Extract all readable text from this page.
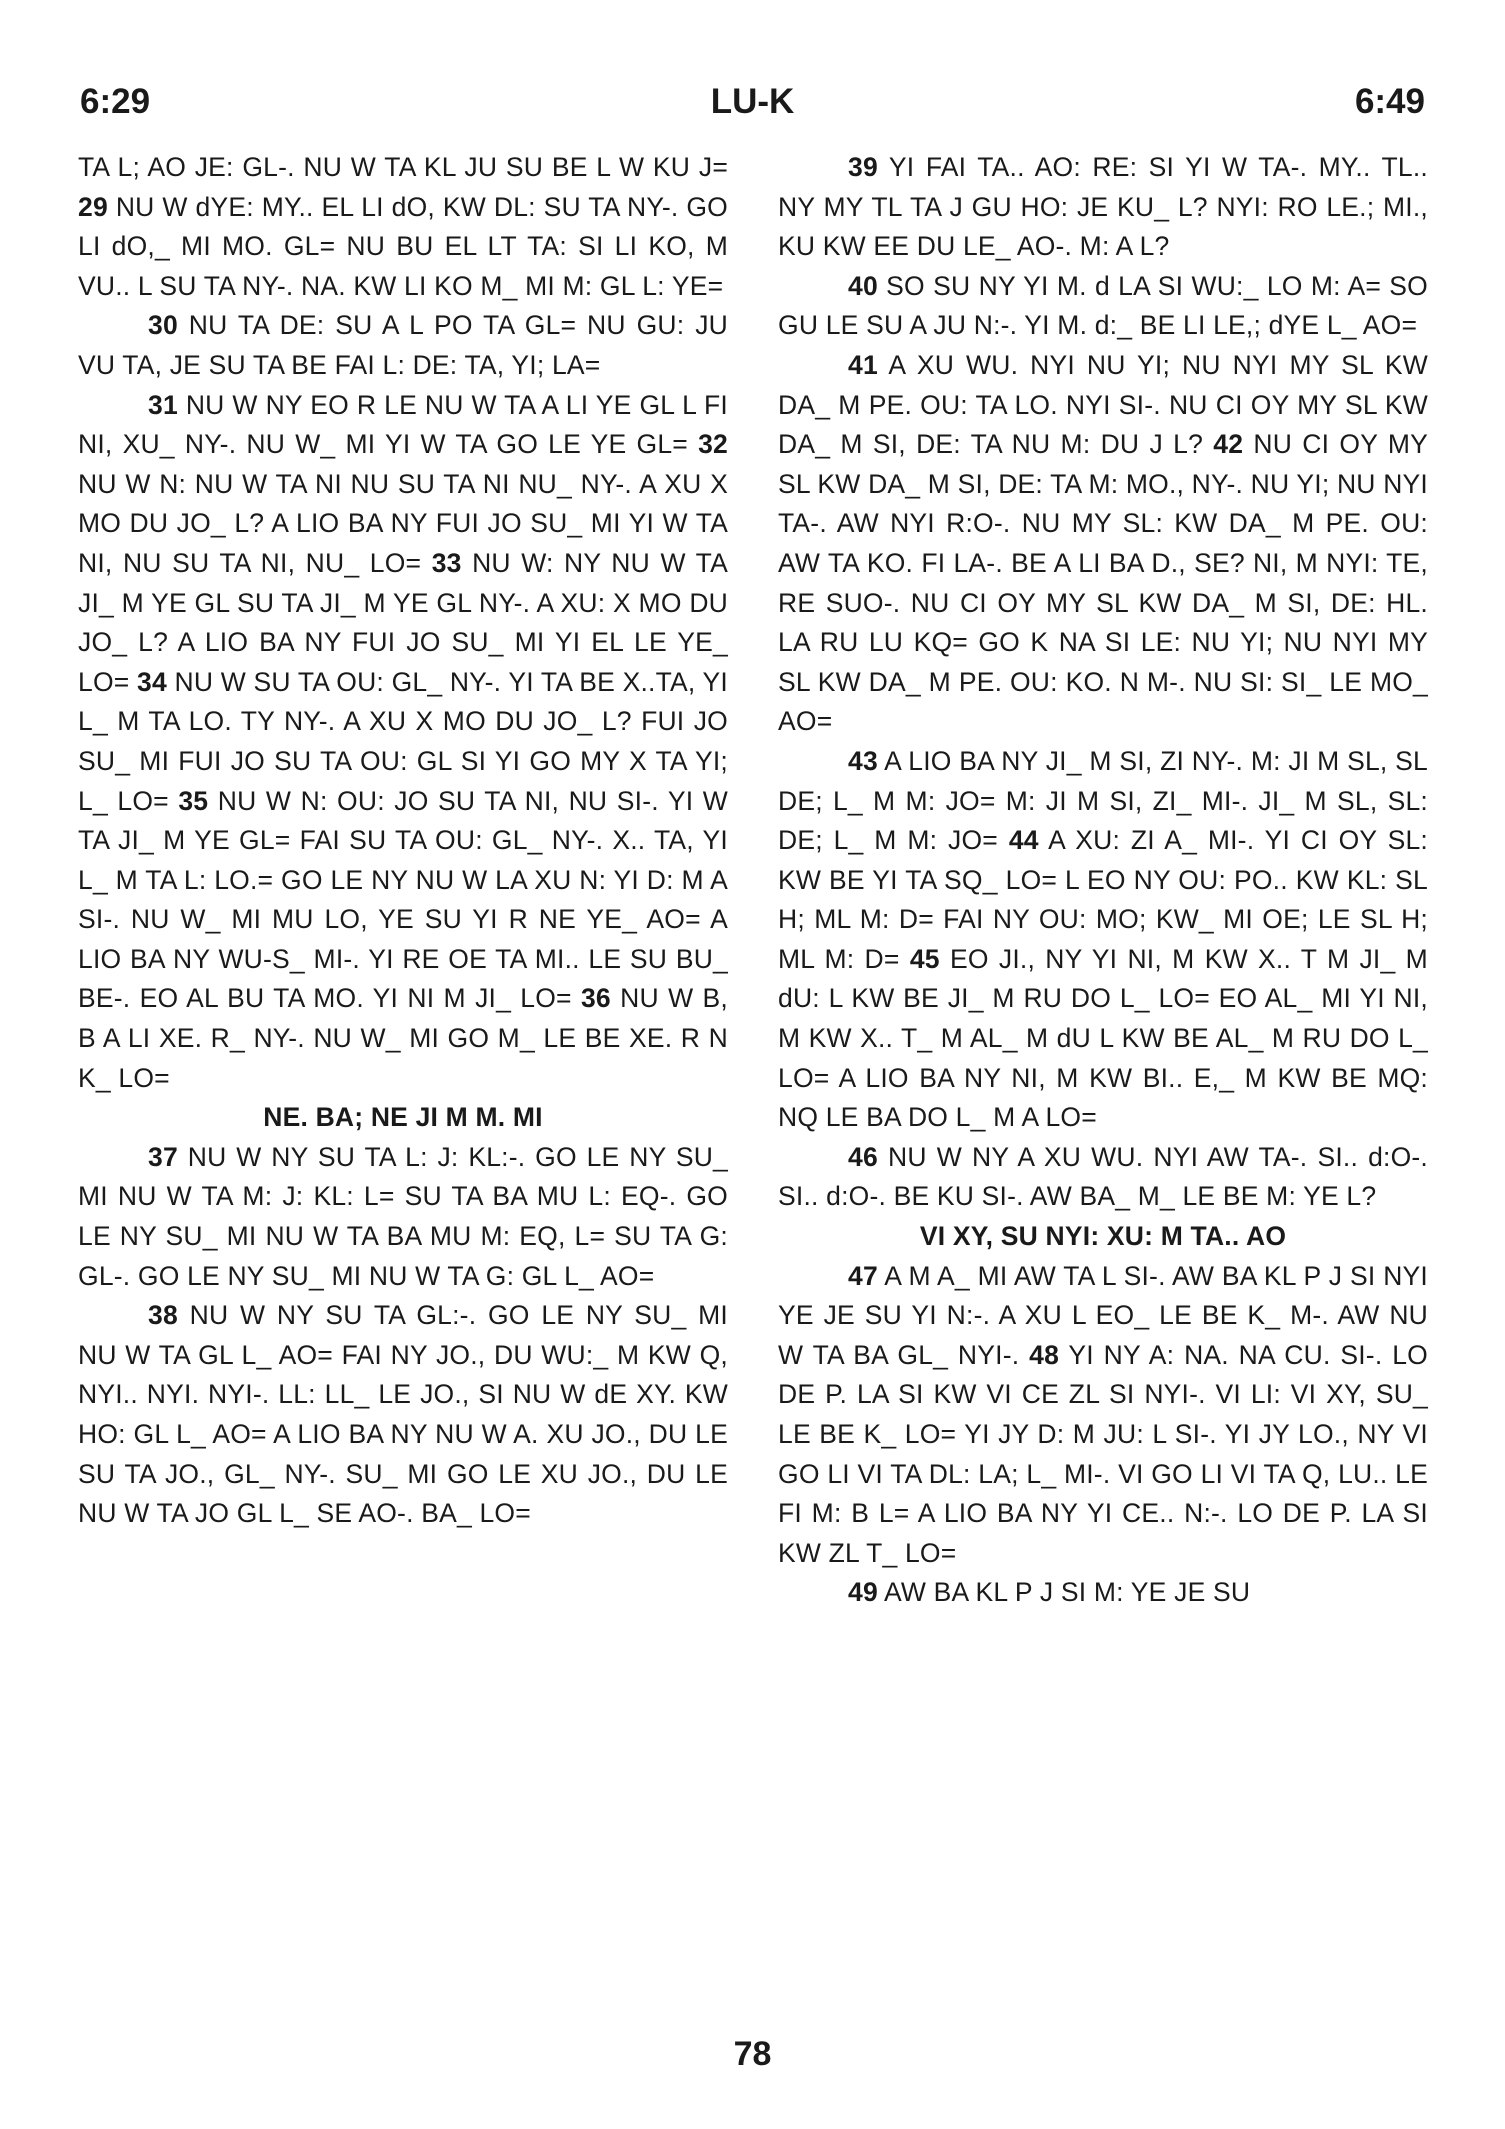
6:29	LU-K	6:49

TA L; AO JE: GL-. NU W TA KL JU SU BE L W KU J= 29 NU W dYE: MY.. EL LI dO, KW DL: SU TA NY-. GO LI dO,_ MI MO. GL= NU BU EL LT TA: SI LI KO, M VU.. L SU TA NY-. NA. KW LI KO M_ MI M: GL L: YE=

30 NU TA DE: SU A L PO TA GL= NU GU: JU VU TA, JE SU TA BE FAI L: DE: TA, YI; LA=

31 NU W NY EO R LE NU W TA A LI YE GL L FI NI, XU_ NY-. NU W_ MI YI W TA GO LE YE GL= 32 NU W N: NU W TA NI NU SU TA NI NU_ NY-. A XU X MO DU JO_ L? A LIO BA NY FUI JO SU_ MI YI W TA NI, NU SU TA NI, NU_ LO= 33 NU W: NY NU W TA JI_ M YE GL SU TA JI_ M YE GL NY-. A XU: X MO DU JO_ L? A LIO BA NY FUI JO SU_ MI YI EL LE YE_ LO= 34 NU W SU TA OU: GL_ NY-. YI TA BE X..TA, YI L_ M TA LO. TY NY-. A XU X MO DU JO_ L? FUI JO SU_ MI FUI JO SU TA OU: GL SI YI GO MY X TA YI; L_ LO= 35 NU W N: OU: JO SU TA NI, NU SI-. YI W TA JI_ M YE GL= FAI SU TA OU: GL_ NY-. X.. TA, YI L_ M TA L: LO.= GO LE NY NU W LA XU N: YI D: M A SI-. NU W_ MI MU LO, YE SU YI R NE YE_ AO= A LIO BA NY WU-S_ MI-. YI RE OE TA MI.. LE SU BU_ BE-. EO AL BU TA MO. YI NI M JI_ LO= 36 NU W B, B A LI XE. R_ NY-. NU W_ MI GO M_ LE BE XE. R N K_ LO=

NE. BA; NE JI M M. MI

37 NU W NY SU TA L: J: KL:-. GO LE NY SU_ MI NU W TA M: J: KL: L= SU TA BA MU L: EQ-. GO LE NY SU_ MI NU W TA BA MU M: EQ, L= SU TA G: GL-. GO LE NY SU_ MI NU W TA G: GL L_ AO=

38 NU W NY SU TA GL:-. GO LE NY SU_ MI NU W TA GL L_ AO= FAI NY JO., DU WU:_ M KW Q, NYI.. NYI. NYI-. LL: LL_ LE JO., SI NU W dE XY. KW HO: GL L_ AO= A LIO BA NY NU W A. XU JO., DU LE SU TA JO., GL_ NY-. SU_ MI GO LE XU JO., DU LE NU W TA JO GL L_ SE AO-. BA_ LO=

39 YI FAI TA.. AO: RE: SI YI W TA-. MY.. TL.. NY MY TL TA J GU HO: JE KU_ L? NYI: RO LE.; MI., KU KW EE DU LE_ AO-. M: A L?

40 SO SU NY YI M. d LA SI WU:_ LO M: A= SO GU LE SU A JU N:-. YI M. d:_ BE LI LE,; dYE L_ AO=

41 A XU WU. NYI NU YI; NU NYI MY SL KW DA_ M PE. OU: TA LO. NYI SI-. NU CI OY MY SL KW DA_ M SI, DE: TA NU M: DU J L? 42 NU CI OY MY SL KW DA_ M SI, DE: TA M: MO., NY-. NU YI; NU NYI TA-. AW NYI R:O-. NU MY SL: KW DA_ M PE. OU: AW TA KO. FI LA-. BE A LI BA D., SE? NI, M NYI: TE, RE SUO-. NU CI OY MY SL KW DA_ M SI, DE: HL. LA RU LU KQ= GO K NA SI LE: NU YI; NU NYI MY SL KW DA_ M PE. OU: KO. N M-. NU SI: SI_ LE MO_ AO=

43 A LIO BA NY JI_ M SI, ZI NY-. M: JI M SL, SL DE; L_ M M: JO= M: JI M SI, ZI_ MI-. JI_ M SL, SL: DE; L_ M M: JO= 44 A XU: ZI A_ MI-. YI CI OY SL: KW BE YI TA SQ_ LO= L EO NY OU: PO.. KW KL: SL H; ML M: D= FAI NY OU: MO; KW_ MI OE; LE SL H; ML M: D= 45 EO JI., NY YI NI, M KW X.. T M JI_ M dU: L KW BE JI_ M RU DO L_ LO= EO AL_ MI YI NI, M KW X.. T_ M AL_ M dU L KW BE AL_ M RU DO L_ LO= A LIO BA NY NI, M KW BI.. E,_ M KW BE MQ: NQ LE BA DO L_ M A LO=

46 NU W NY A XU WU. NYI AW TA-. SI.. d:O-. SI.. d:O-. BE KU SI-. AW BA_ M_ LE BE M: YE L?

VI XY, SU NYI: XU: M TA.. AO

47 A M A_ MI AW TA L SI-. AW BA KL P J SI NYI YE JE SU YI N:-. A XU L EO_ LE BE K_ M-. AW NU W TA BA GL_ NYI-. 48 YI NY A: NA. NA CU. SI-. LO DE P. LA SI KW VI CE ZL SI NYI-. VI LI: VI XY, SU_ LE BE K_ LO= YI JY D: M JU: L SI-. YI JY LO., NY VI GO LI VI TA DL: LA; L_ MI-. VI GO LI VI TA Q, LU.. LE FI M: B L= A LIO BA NY YI CE.. N:-. LO DE P. LA SI KW ZL T_ LO=

49 AW BA KL P J SI M: YE JE SU

78
